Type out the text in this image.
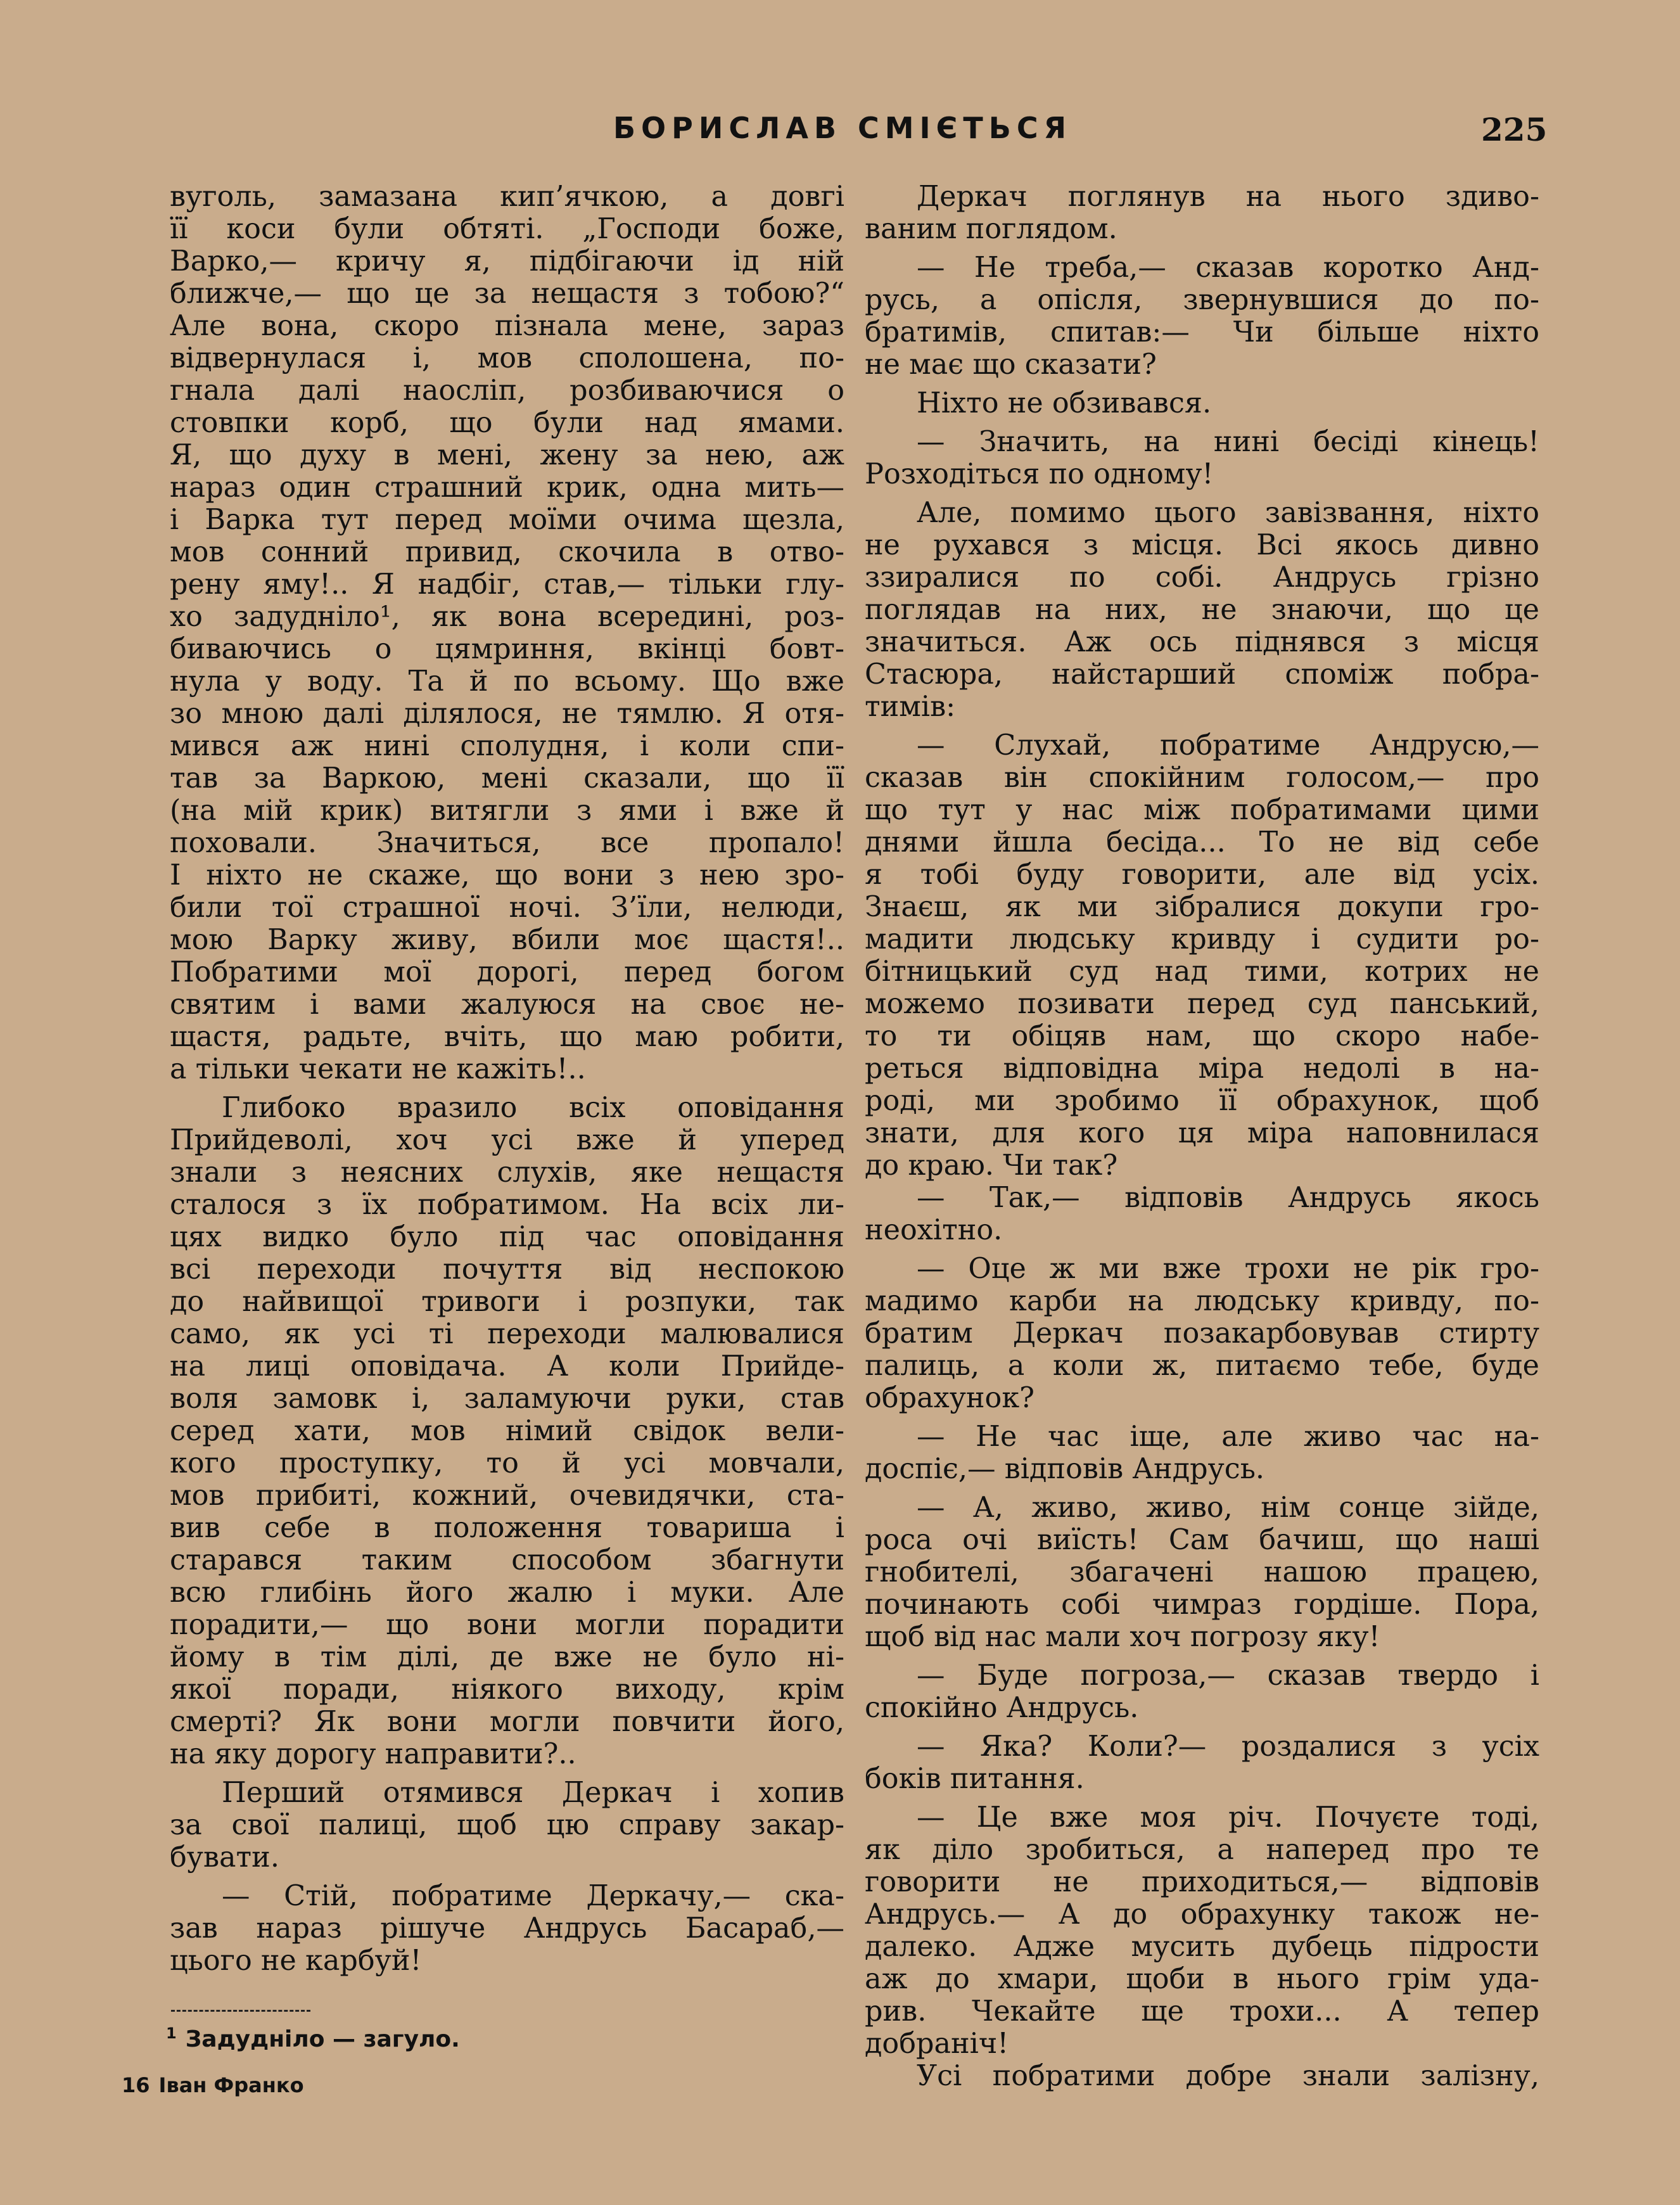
БОРИСЛАВ СМІЄТЬСЯ	225
вуголь, замазана кип’ячкою, а довгі
її коси були обтяті. „Господи боже,
Варко,— кричу я, підбігаючи ід ній
ближче,— що це за нещастя з тобою?“
Але вона, скоро пізнала мене, зараз
відвернулася і, мов сполошена, по-
гнала далі наосліп, розбиваючися о
стовпки корб, що були над ямами.
Я, що духу в мені, жену за нею, аж
нараз один страшний крик, одна мить—
і Варка тут перед моїми очима щезла,
мов сонний привид, скочила в отво-
рену яму!.. Я надбіг, став,— тільки глу-
хо задудніло¹, як вона всередині, роз-
биваючись о цямриння, вкінці бовт-
нула у воду. Та й по всьому. Що вже
зо мною далі ділялося, не тямлю. Я отя-
мився аж нині сполудня, і коли спи-
тав за Варкою, мені сказали, що її
(на мій крик) витягли з ями і вже й
поховали. Значиться, все пропало!
І ніхто не скаже, що вони з нею зро-
били тої страшної ночі. З’їли, нелюди,
мою Варку живу, вбили моє щастя!..
Побратими мої дорогі, перед богом
святим і вами жалуюся на своє не-
щастя, радьте, вчіть, що маю робити,
а тільки чекати не кажіть!..
Глибоко вразило всіх оповідання
Прийдеволі, хоч усі вже й уперед
знали з неясних слухів, яке нещастя
сталося з їх побратимом. На всіх ли-
цях видко було під час оповідання
всі переходи почуття від неспокою
до найвищої тривоги і розпуки, так
само, як усі ті переходи малювалися
на лиці оповідача. А коли Прийде-
воля замовк і, заламуючи руки, став
серед хати, мов німий свідок вели-
кого проступку, то й усі мовчали,
мов прибиті, кожний, очевидячки, ста-
вив себе в положення товариша і
старався таким способом збагнути
всю глибінь його жалю і муки. Але
порадити,— що вони могли порадити
йому в тім ділі, де вже не було ні-
якої поради, ніякого виходу, крім
смерті? Як вони могли повчити його,
на яку дорогу направити?..
Перший отямився Деркач і хопив
за свої палиці, щоб цю справу закар-
бувати.
— Стій, побратиме Деркачу,— ска-
зав нараз рішуче Андрусь Басараб,—
цього не карбуй!
Деркач поглянув на нього здиво-
ваним поглядом.
— Не треба,— сказав коротко Анд-
русь, а опісля, звернувшися до по-
братимів, спитав:— Чи більше ніхто
не має що сказати?
Ніхто не обзивався.
— Значить, на нині бесіді кінець!
Розходіться по одному!
Але, помимо цього завізвання, ніхто
не рухався з місця. Всі якось дивно
ззиралися по собі. Андрусь грізно
поглядав на них, не знаючи, що це
значиться. Аж ось піднявся з місця
Стасюра, найстарший споміж побра-
тимів:
— Слухай, побратиме Андрусю,—
сказав він спокійним голосом,— про
що тут у нас між побратимами цими
днями йшла бесіда... То не від себе
я тобі буду говорити, але від усіх.
Знаєш, як ми зібралися докупи гро-
мадити людську кривду і судити ро-
бітницький суд над тими, котрих не
можемо позивати перед суд панський,
то ти обіцяв нам, що скоро набе-
реться відповідна міра недолі в на-
роді, ми зробимо її обрахунок, щоб
знати, для кого ця міра наповнилася
до краю. Чи так?
— Так,— відповів Андрусь якось
неохітно.
— Оце ж ми вже трохи не рік гро-
мадимо карби на людську кривду, по-
братим Деркач позакарбовував стирту
палиць, а коли ж, питаємо тебе, буде
обрахунок?
— Не час іще, але живо час на-
доспіє,— відповів Андрусь.
— А, живо, живо, нім сонце зійде,
роса очі виїсть! Сам бачиш, що наші
гнобителі, збагачені нашою працею,
починають собі чимраз гордіше. Пора,
щоб від нас мали хоч погрозу яку!
— Буде погроза,— сказав твердо і
спокійно Андрусь.
— Яка? Коли?— роздалися з усіх
боків питання.
— Це вже моя річ. Почуєте тоді,
як діло зробиться, а наперед про те
говорити не приходиться,— відповів
Андрусь.— А до обрахунку також не-
далеко. Адже мусить дубець підрости
аж до хмари, щоби в нього грім уда-
рив. Чекайте ще трохи... А тепер
добраніч!
Усі побратими добре знали залізну,
$^1$ Задудніло — загуло.
16 Іван Франко
